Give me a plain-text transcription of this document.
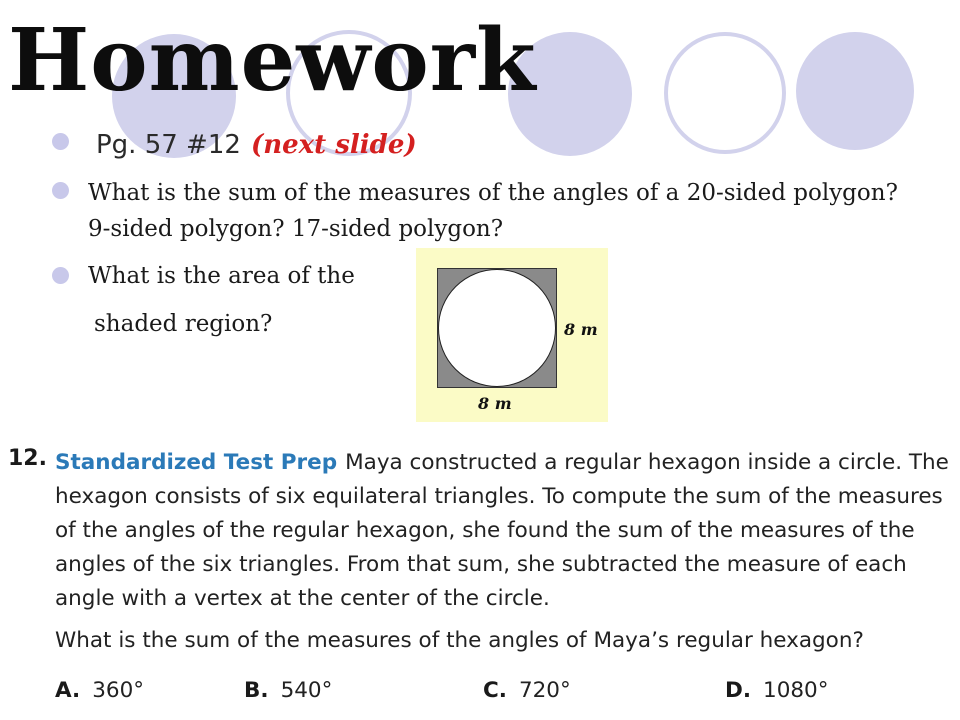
Homework
Pg. 57 #12 (next slide)
What is the sum of the measures of the angles of a 20-sided polygon? 9-sided polygon? 17-sided polygon?
What is the area of the
shaded region?	8 m
8 m
12. Standardized Test Prep Maya constructed a regular hexagon inside a circle. The hexagon consists of six equilateral triangles. To compute the sum of the measures of the angles of the regular hexagon, she found the sum of the measures of the angles of the six triangles. From that sum, she subtracted the measure of each angle with a vertex at the center of the circle.

What is the sum of the measures of the angles of Maya’s regular hexagon?

A. 360°	B. 540°	C. 720°	D. 1080°
